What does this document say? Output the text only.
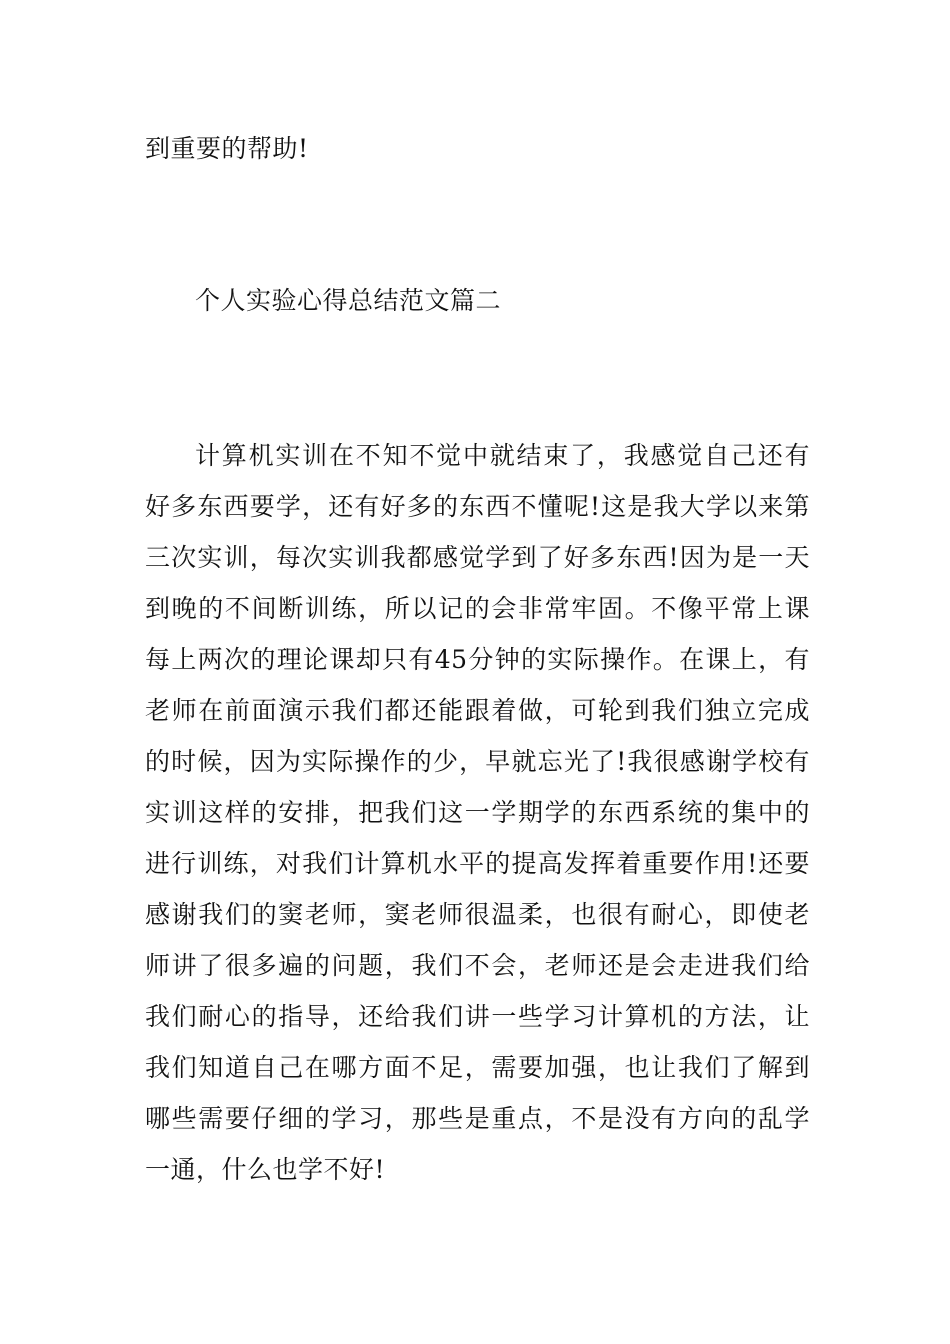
到重要的帮助!
个人实验心得总结范文篇二
计算机实训在不知不觉中就结束了，我感觉自己还有
好多东西要学，还有好多的东西不懂呢!这是我大学以来第
三次实训，每次实训我都感觉学到了好多东西!因为是一天
到晚的不间断训练，所以记的会非常牢固。不像平常上课
每上两次的理论课却只有45分钟的实际操作。在课上，有
老师在前面演示我们都还能跟着做，可轮到我们独立完成
的时候，因为实际操作的少，早就忘光了!我很感谢学校有
实训这样的安排，把我们这一学期学的东西系统的集中的
进行训练，对我们计算机水平的提高发挥着重要作用!还要
感谢我们的窦老师，窦老师很温柔，也很有耐心，即使老
师讲了很多遍的问题，我们不会，老师还是会走进我们给
我们耐心的指导，还给我们讲一些学习计算机的方法，让
我们知道自己在哪方面不足，需要加强，也让我们了解到
哪些需要仔细的学习，那些是重点，不是没有方向的乱学
一通，什么也学不好!
